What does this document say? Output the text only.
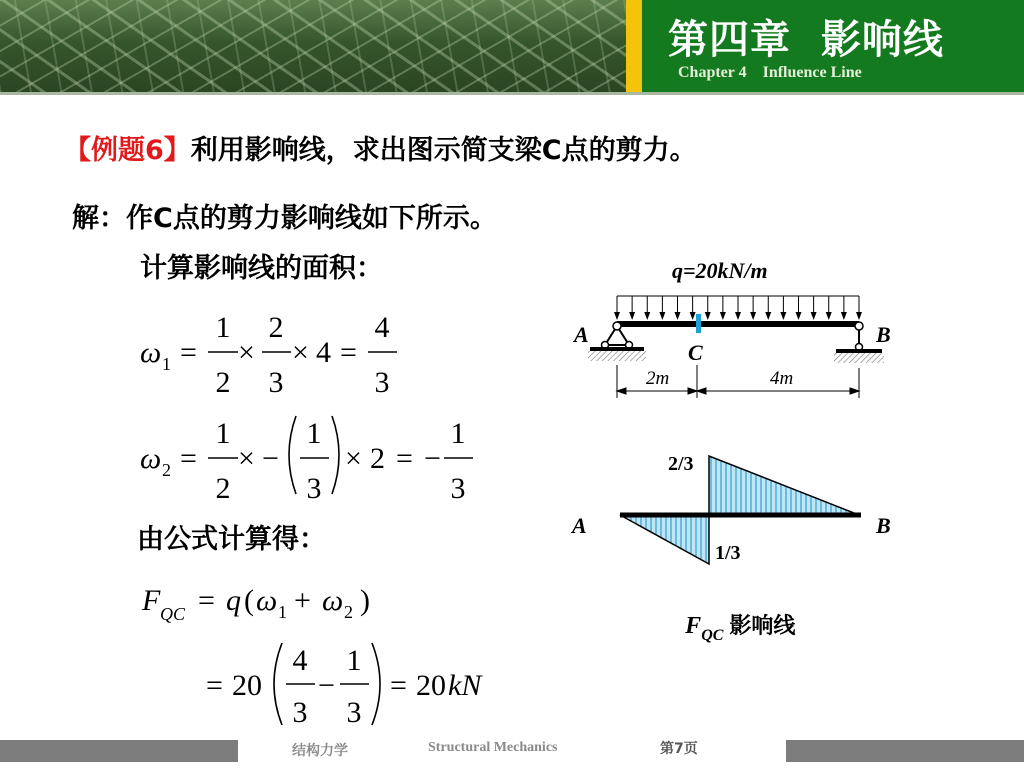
第四章  影响线
Chapter 4    Influence Line
【例题6】利用影响线，求出图示简支梁C点的剪力。
解：作C点的剪力影响线如下所示。
计算影响线的面积：
由公式计算得：
ω 1 =
1
2
×
2
3
× 4 =
4
3
ω 2 =
1
2
× −
1
3
× 2 = −
1
3
F QC = q ( ω 1 + ω 2 )
= 20
4
3
−
1
3
= 20 kN
q=20kN/m
A	B
C
2m	4m
2/3
1/3
A	B

FQC 影响线

结构力学	Structural Mechanics	第7页
